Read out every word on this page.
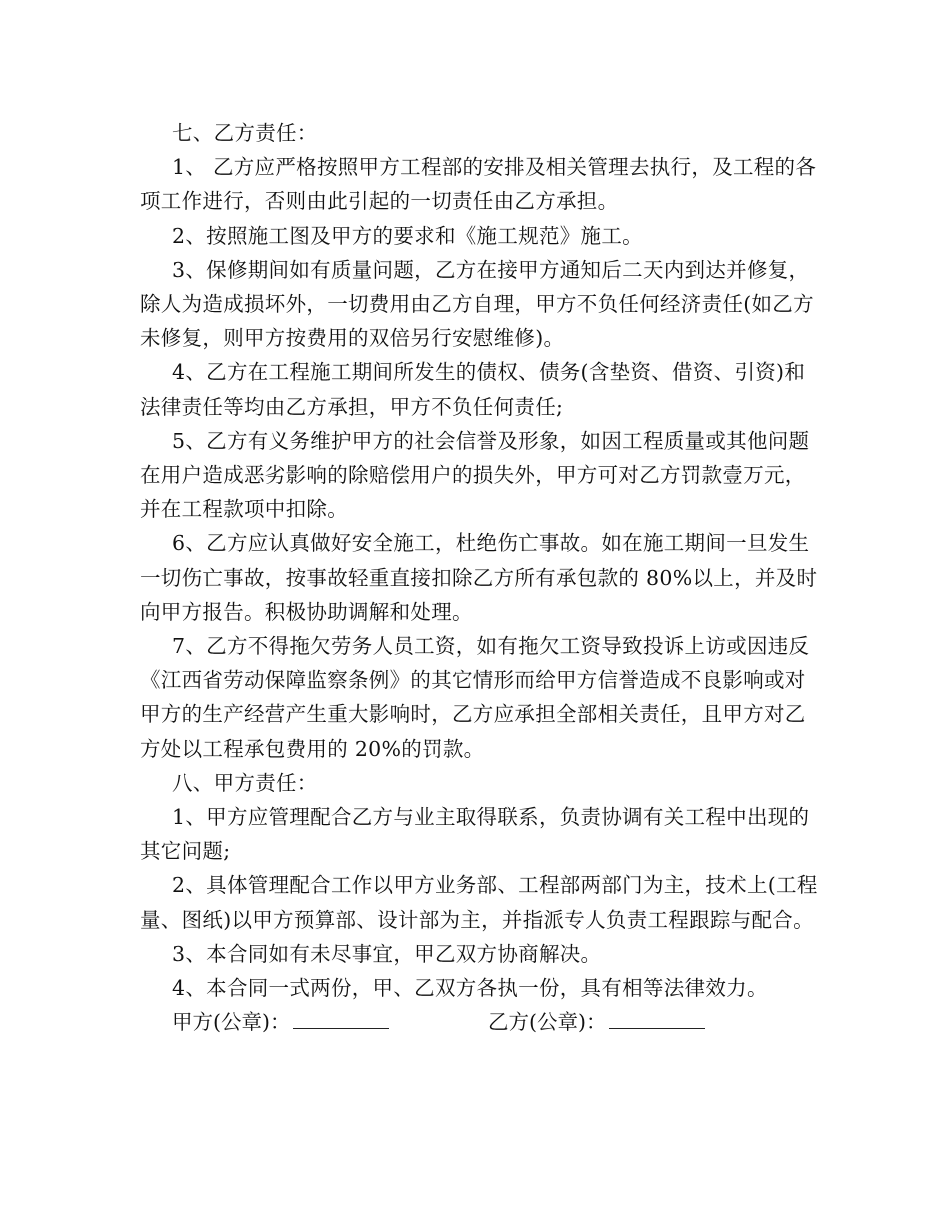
七、乙方责任：

1、 乙方应严格按照甲方工程部的安排及相关管理去执行，及工程的各项工作进行，否则由此引起的一切责任由乙方承担。

2、按照施工图及甲方的要求和《施工规范》施工。

3、保修期间如有质量问题，乙方在接甲方通知后二天内到达并修复，除人为造成损坏外，一切费用由乙方自理，甲方不负任何经济责任(如乙方未修复，则甲方按费用的双倍另行安慰维修)。

4、乙方在工程施工期间所发生的债权、债务(含垫资、借资、引资)和法律责任等均由乙方承担，甲方不负任何责任;

5、乙方有义务维护甲方的社会信誉及形象，如因工程质量或其他问题在用户造成恶劣影响的除赔偿用户的损失外，甲方可对乙方罚款壹万元，并在工程款项中扣除。

6、乙方应认真做好安全施工，杜绝伤亡事故。如在施工期间一旦发生一切伤亡事故，按事故轻重直接扣除乙方所有承包款的 80%以上，并及时向甲方报告。积极协助调解和处理。

7、乙方不得拖欠劳务人员工资，如有拖欠工资导致投诉上访或因违反《江西省劳动保障监察条例》的其它情形而给甲方信誉造成不良影响或对甲方的生产经营产生重大影响时，乙方应承担全部相关责任，且甲方对乙方处以工程承包费用的 20%的罚款。

八、甲方责任：

1、甲方应管理配合乙方与业主取得联系，负责协调有关工程中出现的其它问题;

2、具体管理配合工作以甲方业务部、工程部两部门为主，技术上(工程量、图纸)以甲方预算部、设计部为主，并指派专人负责工程跟踪与配合。

3、本合同如有未尽事宜，甲乙双方协商解决。

4、本合同一式两份，甲、乙双方各执一份，具有相等法律效力。

甲方(公章)：	乙方(公章)：
